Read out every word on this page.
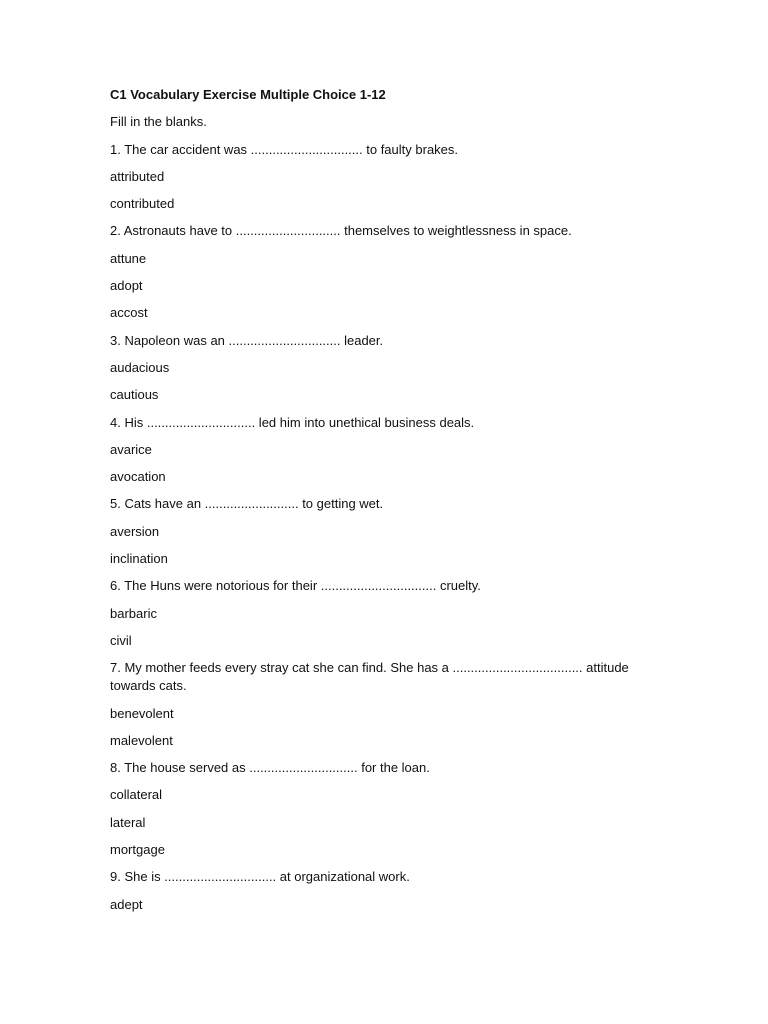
C1 Vocabulary Exercise Multiple Choice 1-12

Fill in the blanks.

1. The car accident was ............................... to faulty brakes.

attributed

contributed

2. Astronauts have to ............................. themselves to weightlessness in space.

attune

adopt

accost

3. Napoleon was an ............................... leader.

audacious

cautious

4. His .............................. led him into unethical business deals.

avarice

avocation

5. Cats have an .......................... to getting wet.

aversion

inclination

6. The Huns were notorious for their ................................ cruelty.

barbaric

civil

7. My mother feeds every stray cat she can find. She has a .................................... attitude towards cats.

benevolent

malevolent

8. The house served as .............................. for the loan.

collateral

lateral

mortgage

9. She is ............................... at organizational work.

adept
